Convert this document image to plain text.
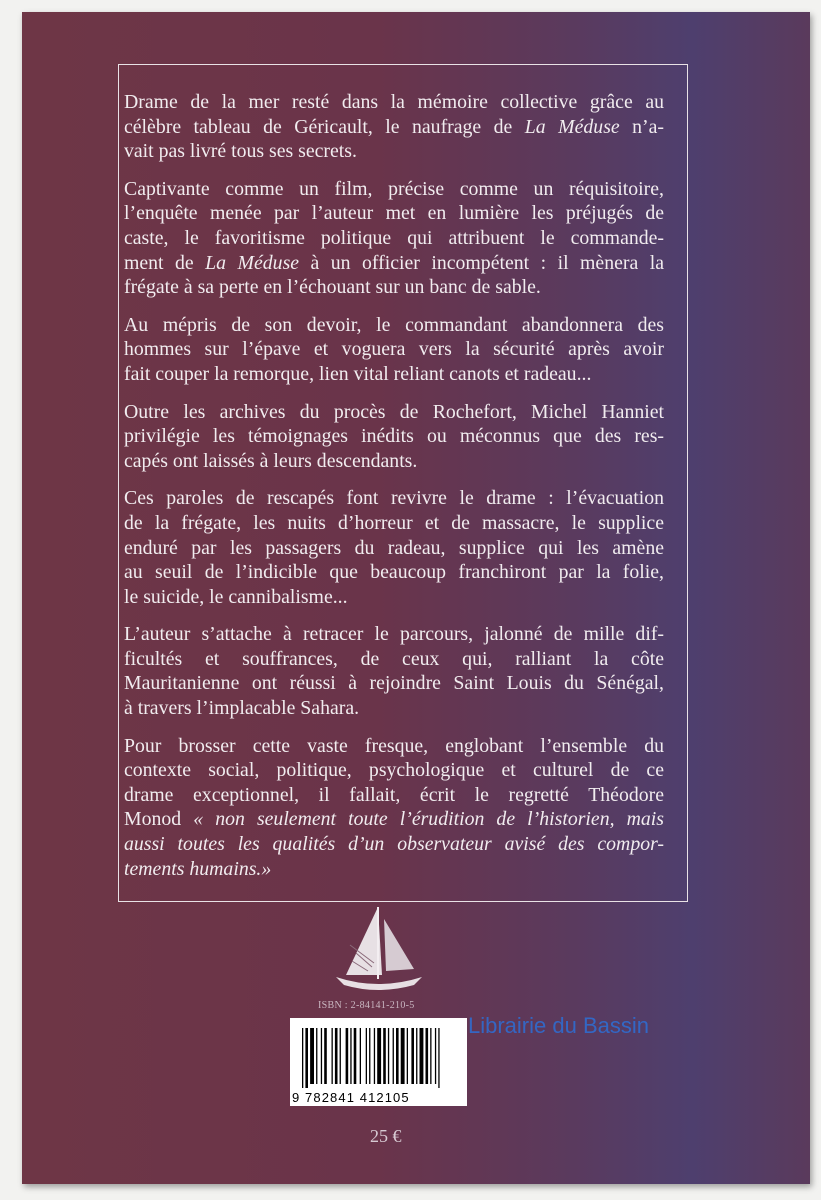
Drame de la mer resté dans la mémoire collective grâce au
célèbre tableau de Géricault, le naufrage de La Méduse n’a-
vait pas livré tous ses secrets.

Captivante comme un film, précise comme un réquisitoire,
l’enquête menée par l’auteur met en lumière les préjugés de
caste, le favoritisme politique qui attribuent le commande-
ment de La Méduse à un officier incompétent : il mènera la
frégate à sa perte en l’échouant sur un banc de sable.

Au mépris de son devoir, le commandant abandonnera des
hommes sur l’épave et voguera vers la sécurité après avoir
fait couper la remorque, lien vital reliant canots et radeau...

Outre les archives du procès de Rochefort, Michel Hanniet
privilégie les témoignages inédits ou méconnus que des res-
capés ont laissés à leurs descendants.

Ces paroles de rescapés font revivre le drame : l’évacuation
de la frégate, les nuits d’horreur et de massacre, le supplice
enduré par les passagers du radeau, supplice qui les amène
au seuil de l’indicible que beaucoup franchiront par la folie,
le suicide, le cannibalisme...

L’auteur s’attache à retracer le parcours, jalonné de mille dif-
ficultés et souffrances, de ceux qui, ralliant la côte
Mauritanienne ont réussi à rejoindre Saint Louis du Sénégal,
à travers l’implacable Sahara.

Pour brosser cette vaste fresque, englobant l’ensemble du
contexte social, politique, psychologique et culturel de ce
drame exceptionnel, il fallait, écrit le regretté Théodore
Monod « non seulement toute l’érudition de l’historien, mais
aussi toutes les qualités d’un observateur avisé des compor-
tements humains.»

ISBN : 2-84141-210-5
9 782841 412105
Librairie du Bassin
25 €
